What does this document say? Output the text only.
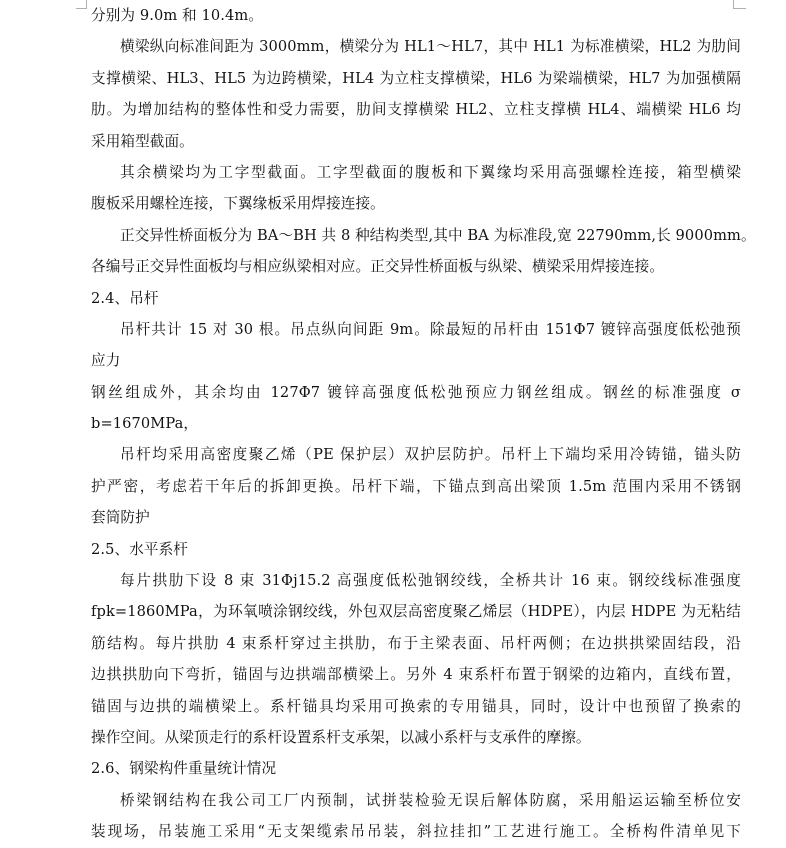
分别为 9.0m 和 10.4m。
横梁纵向标准间距为 3000mm，横梁分为 HL1～HL7，其中 HL1 为标准横梁，HL2 为肋间
支撑横梁、HL3、HL5 为边跨横梁，HL4 为立柱支撑横梁，HL6 为梁端横梁，HL7 为加强横隔
肋。为增加结构的整体性和受力需要，肋间支撑横梁 HL2、立柱支撑横 HL4、端横梁 HL6 均
采用箱型截面。
其余横梁均为工字型截面。工字型截面的腹板和下翼缘均采用高强螺栓连接，箱型横梁
腹板采用螺栓连接，下翼缘板采用焊接连接。
正交异性桥面板分为 BA～BH 共 8 种结构类型,其中 BA 为标准段,宽 22790mm,长 9000mm。
各编号正交异性面板均与相应纵梁相对应。正交异性桥面板与纵梁、横梁采用焊接连接。
2.4、吊杆
吊杆共计 15 对 30 根。吊点纵向间距 9m。除最短的吊杆由 151Φ7 镀锌高强度低松弛预
应力
钢丝组成外，其余均由 127Φ7 镀锌高强度低松弛预应力钢丝组成。钢丝的标准强度 σ
b=1670MPa，
吊杆均采用高密度聚乙烯（PE 保护层）双护层防护。吊杆上下端均采用冷铸锚，锚头防
护严密，考虑若干年后的拆卸更换。吊杆下端，下锚点到高出梁顶 1.5m 范围内采用不锈钢
套筒防护
2.5、水平系杆
每片拱肋下设 8 束 31Φj15.2 高强度低松弛钢绞线，全桥共计 16 束。钢绞线标准强度
fpk=1860MPa，为环氧喷涂钢绞线，外包双层高密度聚乙烯层（HDPE），内层 HDPE 为无粘结
筋结构。每片拱肋 4 束系杆穿过主拱肋，布于主梁表面、吊杆两侧；在边拱拱梁固结段，沿
边拱拱肋向下弯折，锚固与边拱端部横梁上。另外 4 束系杆布置于钢梁的边箱内，直线布置，
锚固与边拱的端横梁上。系杆锚具均采用可换索的专用锚具，同时，设计中也预留了换索的
操作空间。从梁顶走行的系杆设置系杆支承架，以减小系杆与支承件的摩擦。
2.6、钢梁构件重量统计情况
桥梁钢结构在我公司工厂内预制，试拼装检验无误后解体防腐，采用船运运输至桥位安
装现场，吊装施工采用“无支架缆索吊吊装，斜拉挂扣”工艺进行施工。全桥构件清单见下
